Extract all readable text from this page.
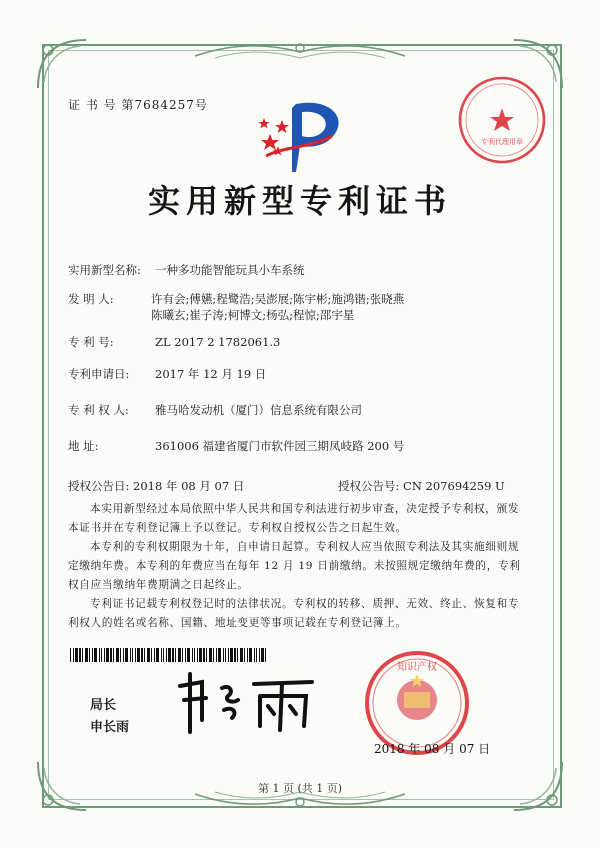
证 书 号 第7684257号
专利代理用章
实用新型专利证书
实用新型名称: 一种多功能智能玩具小车系统
发 明 人:	许有会;傅嬿;程鹭浩;吴澎展;陈宇彬;施鸿锴;张晓燕
陈曦玄;崔子涛;柯博文;杨弘;程惊;邵宇星
专 利 号:	ZL 2017 2 1782061.3
专利申请日: 2017 年 12 月 19 日
专 利 权 人: 雅马哈发动机（厦门）信息系统有限公司
地 址:	361006 福建省厦门市软件园三期凤岐路 200 号
授权公告日: 2018 年 08 月 07 日	授权公告号: CN 207694259 U

本实用新型经过本局依照中华人民共和国专利法进行初步审查，决定授予专利权，颁发本证书并在专利登记簿上予以登记。专利权自授权公告之日起生效。

本专利的专利权期限为十年，自申请日起算。专利权人应当依照专利法及其实施细则规定缴纳年费。本专利的年费应当在每年 12 月 19 日前缴纳。未按照规定缴纳年费的，专利权自应当缴纳年费期满之日起终止。

专利证书记载专利权登记时的法律状况。专利权的转移、质押、无效、终止、恢复和专利权人的姓名或名称、国籍、地址变更等事项记载在专利登记簿上。

局长
申长雨
知识产权
2018 年 08 月 07 日
第 1 页 (共 1 页)
